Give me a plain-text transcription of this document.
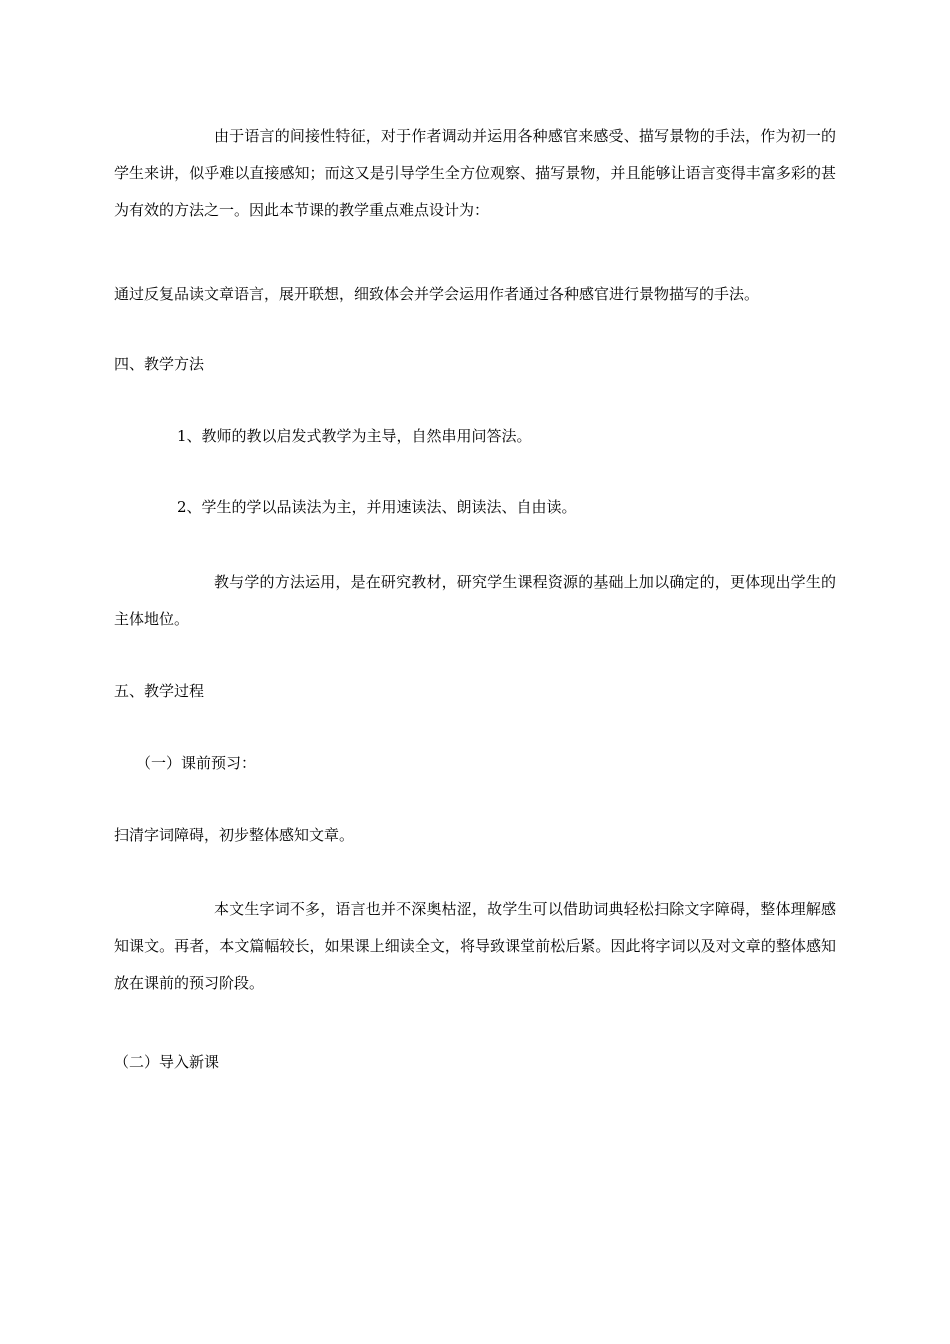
由于语言的间接性特征，对于作者调动并运用各种感官来感受、描写景物的手法，作为初一的学生来讲，似乎难以直接感知；而这又是引导学生全方位观察、描写景物，并且能够让语言变得丰富多彩的甚为有效的方法之一。因此本节课的教学重点难点设计为：

通过反复品读文章语言，展开联想，细致体会并学会运用作者通过各种感官进行景物描写的手法。

四、教学方法

1、教师的教以启发式教学为主导，自然串用问答法。

2、学生的学以品读法为主，并用速读法、朗读法、自由读。

教与学的方法运用，是在研究教材，研究学生课程资源的基础上加以确定的，更体现出学生的主体地位。

五、教学过程

（一）课前预习：

扫清字词障碍，初步整体感知文章。

本文生字词不多，语言也并不深奥枯涩，故学生可以借助词典轻松扫除文字障碍，整体理解感知课文。再者，本文篇幅较长，如果课上细读全文，将导致课堂前松后紧。因此将字词以及对文章的整体感知放在课前的预习阶段。

（二）导入新课
